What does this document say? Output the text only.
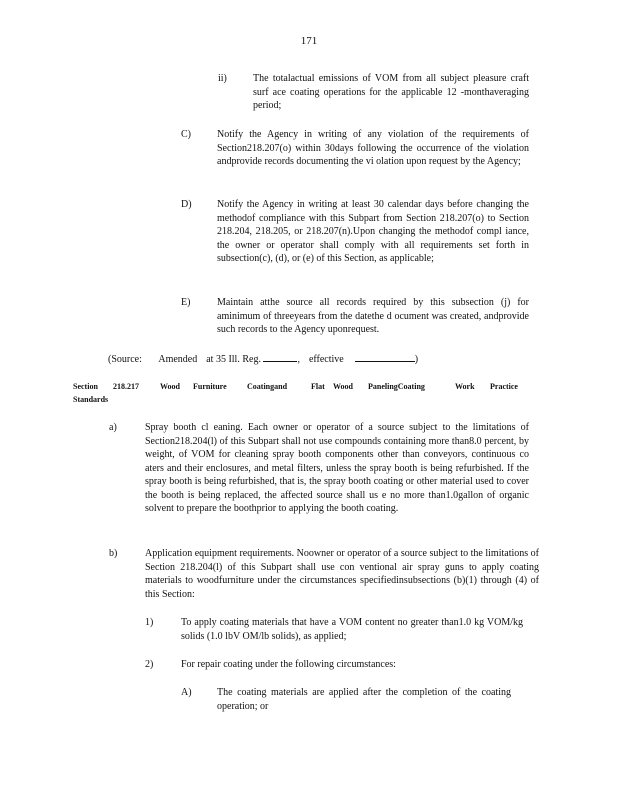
171
ii)	The totalactual emissions of VOM from all subject pleasure craft surf ace coating operations for the applicable 12 -monthaveraging period;
C)	Notify the Agency in writing of any violation of the requirements of Section218.207(o) within 30days following the occurrence of the violation andprovide records documenting the vi olation upon request by the Agency;
D)	Notify the Agency in writing at least 30 calendar days before changing the methodof compliance with this Subpart from Section 218.207(o) to Section 218.204, 218.205, or 218.207(n).Upon changing the methodof compl iance, the owner or operator shall comply with all requirements set forth in subsection(c), (d), or (e) of this Section, as applicable;
E)	Maintain atthe source all records required by this subsection (j) for aminimum of threeyears from the datethe d ocument was created, andprovide such records to the Agency uponrequest.
(Source: Amended at 35 Ill. Reg.	, effective	)
Section 218.217	Wood Furniture	Coatingand	Flat Wood PanelingCoating	Work Practice
Standards
a)	Spray booth cl eaning. Each owner or operator of a source subject to the limitations of Section218.204(l) of this Subpart shall not use compounds containing more than8.0 percent, by weight, of VOM for cleaning spray booth components other than conveyors, continuous co aters and their enclosures, and metal filters, unless the spray booth is being refurbished. If the spray booth is being refurbished, that is, the spray booth coating or other material used to cover the booth is being replaced, the affected source shall us e no more than1.0gallon of organic solvent to prepare the boothprior to applying the booth coating.
b)	Application equipment requirements. Noowner or operator of a source subject to the limitations of Section 218.204(l) of this Subpart shall use con ventional air spray guns to apply coating materials to woodfurniture under the circumstances specifiedinsubsections (b)(1) through (4) of this Section:
1)	To apply coating materials that have a VOM content no greater than1.0 kg VOM/kg solids (1.0 lbV OM/lb solids), as applied;
2)	For repair coating under the following circumstances:
A)	The coating materials are applied after the completion of the coating operation; or
